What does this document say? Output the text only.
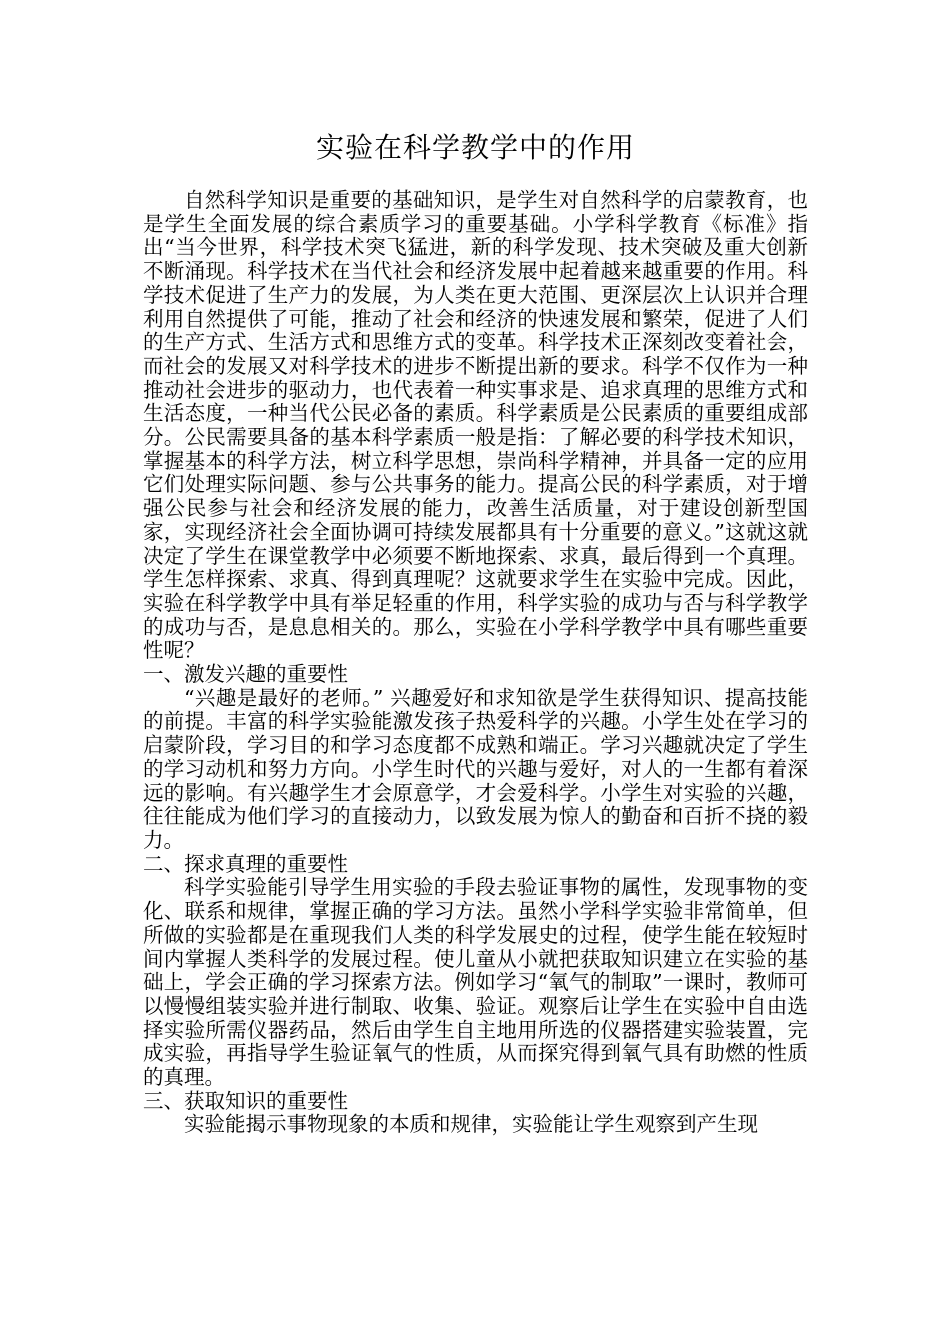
实验在科学教学中的作用

自然科学知识是重要的基础知识，是学生对自然科学的启蒙教育，也是学生全面发展的综合素质学习的重要基础。小学科学教育《标准》指出“当今世界，科学技术突飞猛进，新的科学发现、技术突破及重大创新不断涌现。科学技术在当代社会和经济发展中起着越来越重要的作用。科学技术促进了生产力的发展，为人类在更大范围、更深层次上认识并合理利用自然提供了可能，推动了社会和经济的快速发展和繁荣，促进了人们的生产方式、生活方式和思维方式的变革。科学技术正深刻改变着社会，而社会的发展又对科学技术的进步不断提出新的要求。科学不仅作为一种推动社会进步的驱动力，也代表着一种实事求是、追求真理的思维方式和生活态度，一种当代公民必备的素质。科学素质是公民素质的重要组成部分。公民需要具备的基本科学素质一般是指：了解必要的科学技术知识，掌握基本的科学方法，树立科学思想，崇尚科学精神，并具备一定的应用它们处理实际问题、参与公共事务的能力。提高公民的科学素质，对于增强公民参与社会和经济发展的能力，改善生活质量，对于建设创新型国家，实现经济社会全面协调可持续发展都具有十分重要的意义。”这就这就决定了学生在课堂教学中必须要不断地探索、求真，最后得到一个真理。学生怎样探索、求真、得到真理呢？这就要求学生在实验中完成。因此，实验在科学教学中具有举足轻重的作用，科学实验的成功与否与科学教学的成功与否，是息息相关的。那么，实验在小学科学教学中具有哪些重要性呢？

一、激发兴趣的重要性

“兴趣是最好的老师。” 兴趣爱好和求知欲是学生获得知识、提高技能的前提。丰富的科学实验能激发孩子热爱科学的兴趣。小学生处在学习的启蒙阶段，学习目的和学习态度都不成熟和端正。学习兴趣就决定了学生的学习动机和努力方向。小学生时代的兴趣与爱好，对人的一生都有着深远的影响。有兴趣学生才会原意学，才会爱科学。小学生对实验的兴趣，往往能成为他们学习的直接动力，以致发展为惊人的勤奋和百折不挠的毅力。

二、探求真理的重要性

科学实验能引导学生用实验的手段去验证事物的属性，发现事物的变化、联系和规律，掌握正确的学习方法。虽然小学科学实验非常简单，但所做的实验都是在重现我们人类的科学发展史的过程，使学生能在较短时间内掌握人类科学的发展过程。使儿童从小就把获取知识建立在实验的基础上，学会正确的学习探索方法。例如学习“氧气的制取”一课时，教师可以慢慢组装实验并进行制取、收集、验证。观察后让学生在实验中自由选择实验所需仪器药品，然后由学生自主地用所选的仪器搭建实验装置，完成实验，再指导学生验证氧气的性质，从而探究得到氧气具有助燃的性质的真理。

三、获取知识的重要性

实验能揭示事物现象的本质和规律，实验能让学生观察到产生现
